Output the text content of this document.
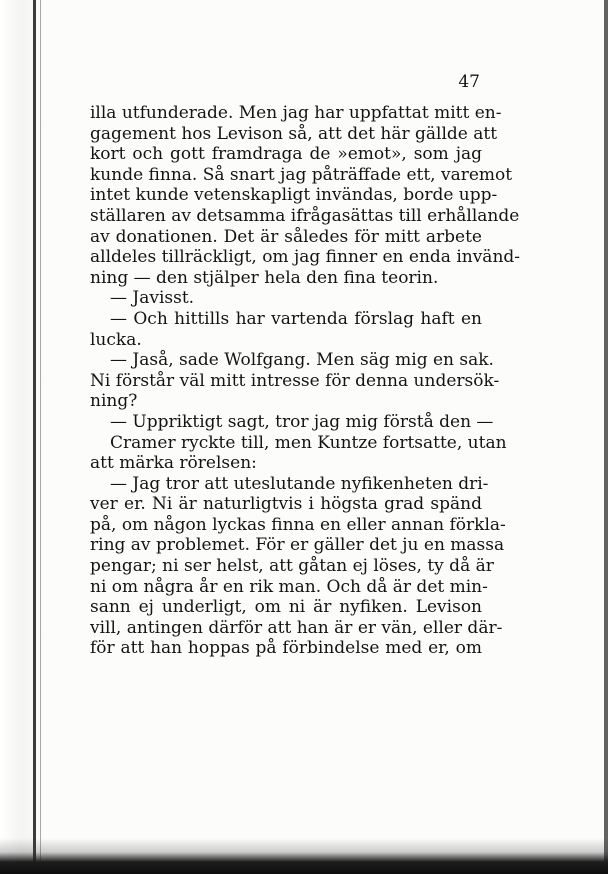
47
illa utfunderade. Men jag har uppfattat mitt en-
gagement hos Levison så, att det här gällde att
kort och gott framdraga de »emot», som jag
kunde finna. Så snart jag påträffade ett, varemot
intet kunde vetenskapligt invändas, borde upp-
ställaren av detsamma ifrågasättas till erhållande
av donationen. Det är således för mitt arbete
alldeles tillräckligt, om jag finner en enda invänd-
ning — den stjälper hela den fina teorin.
— Javisst.
— Och hittills har vartenda förslag haft en
lucka.
— Jaså, sade Wolfgang. Men säg mig en sak.
Ni förstår väl mitt intresse för denna undersök-
ning?
— Uppriktigt sagt, tror jag mig förstå den —
Cramer ryckte till, men Kuntze fortsatte, utan
att märka rörelsen:
— Jag tror att uteslutande nyfikenheten dri-
ver er. Ni är naturligtvis i högsta grad spänd
på, om någon lyckas finna en eller annan förkla-
ring av problemet. För er gäller det ju en massa
pengar; ni ser helst, att gåtan ej löses, ty då är
ni om några år en rik man. Och då är det min-
sann ej underligt, om ni är nyfiken. Levison
vill, antingen därför att han är er vän, eller där-
för att han hoppas på förbindelse med er, om
